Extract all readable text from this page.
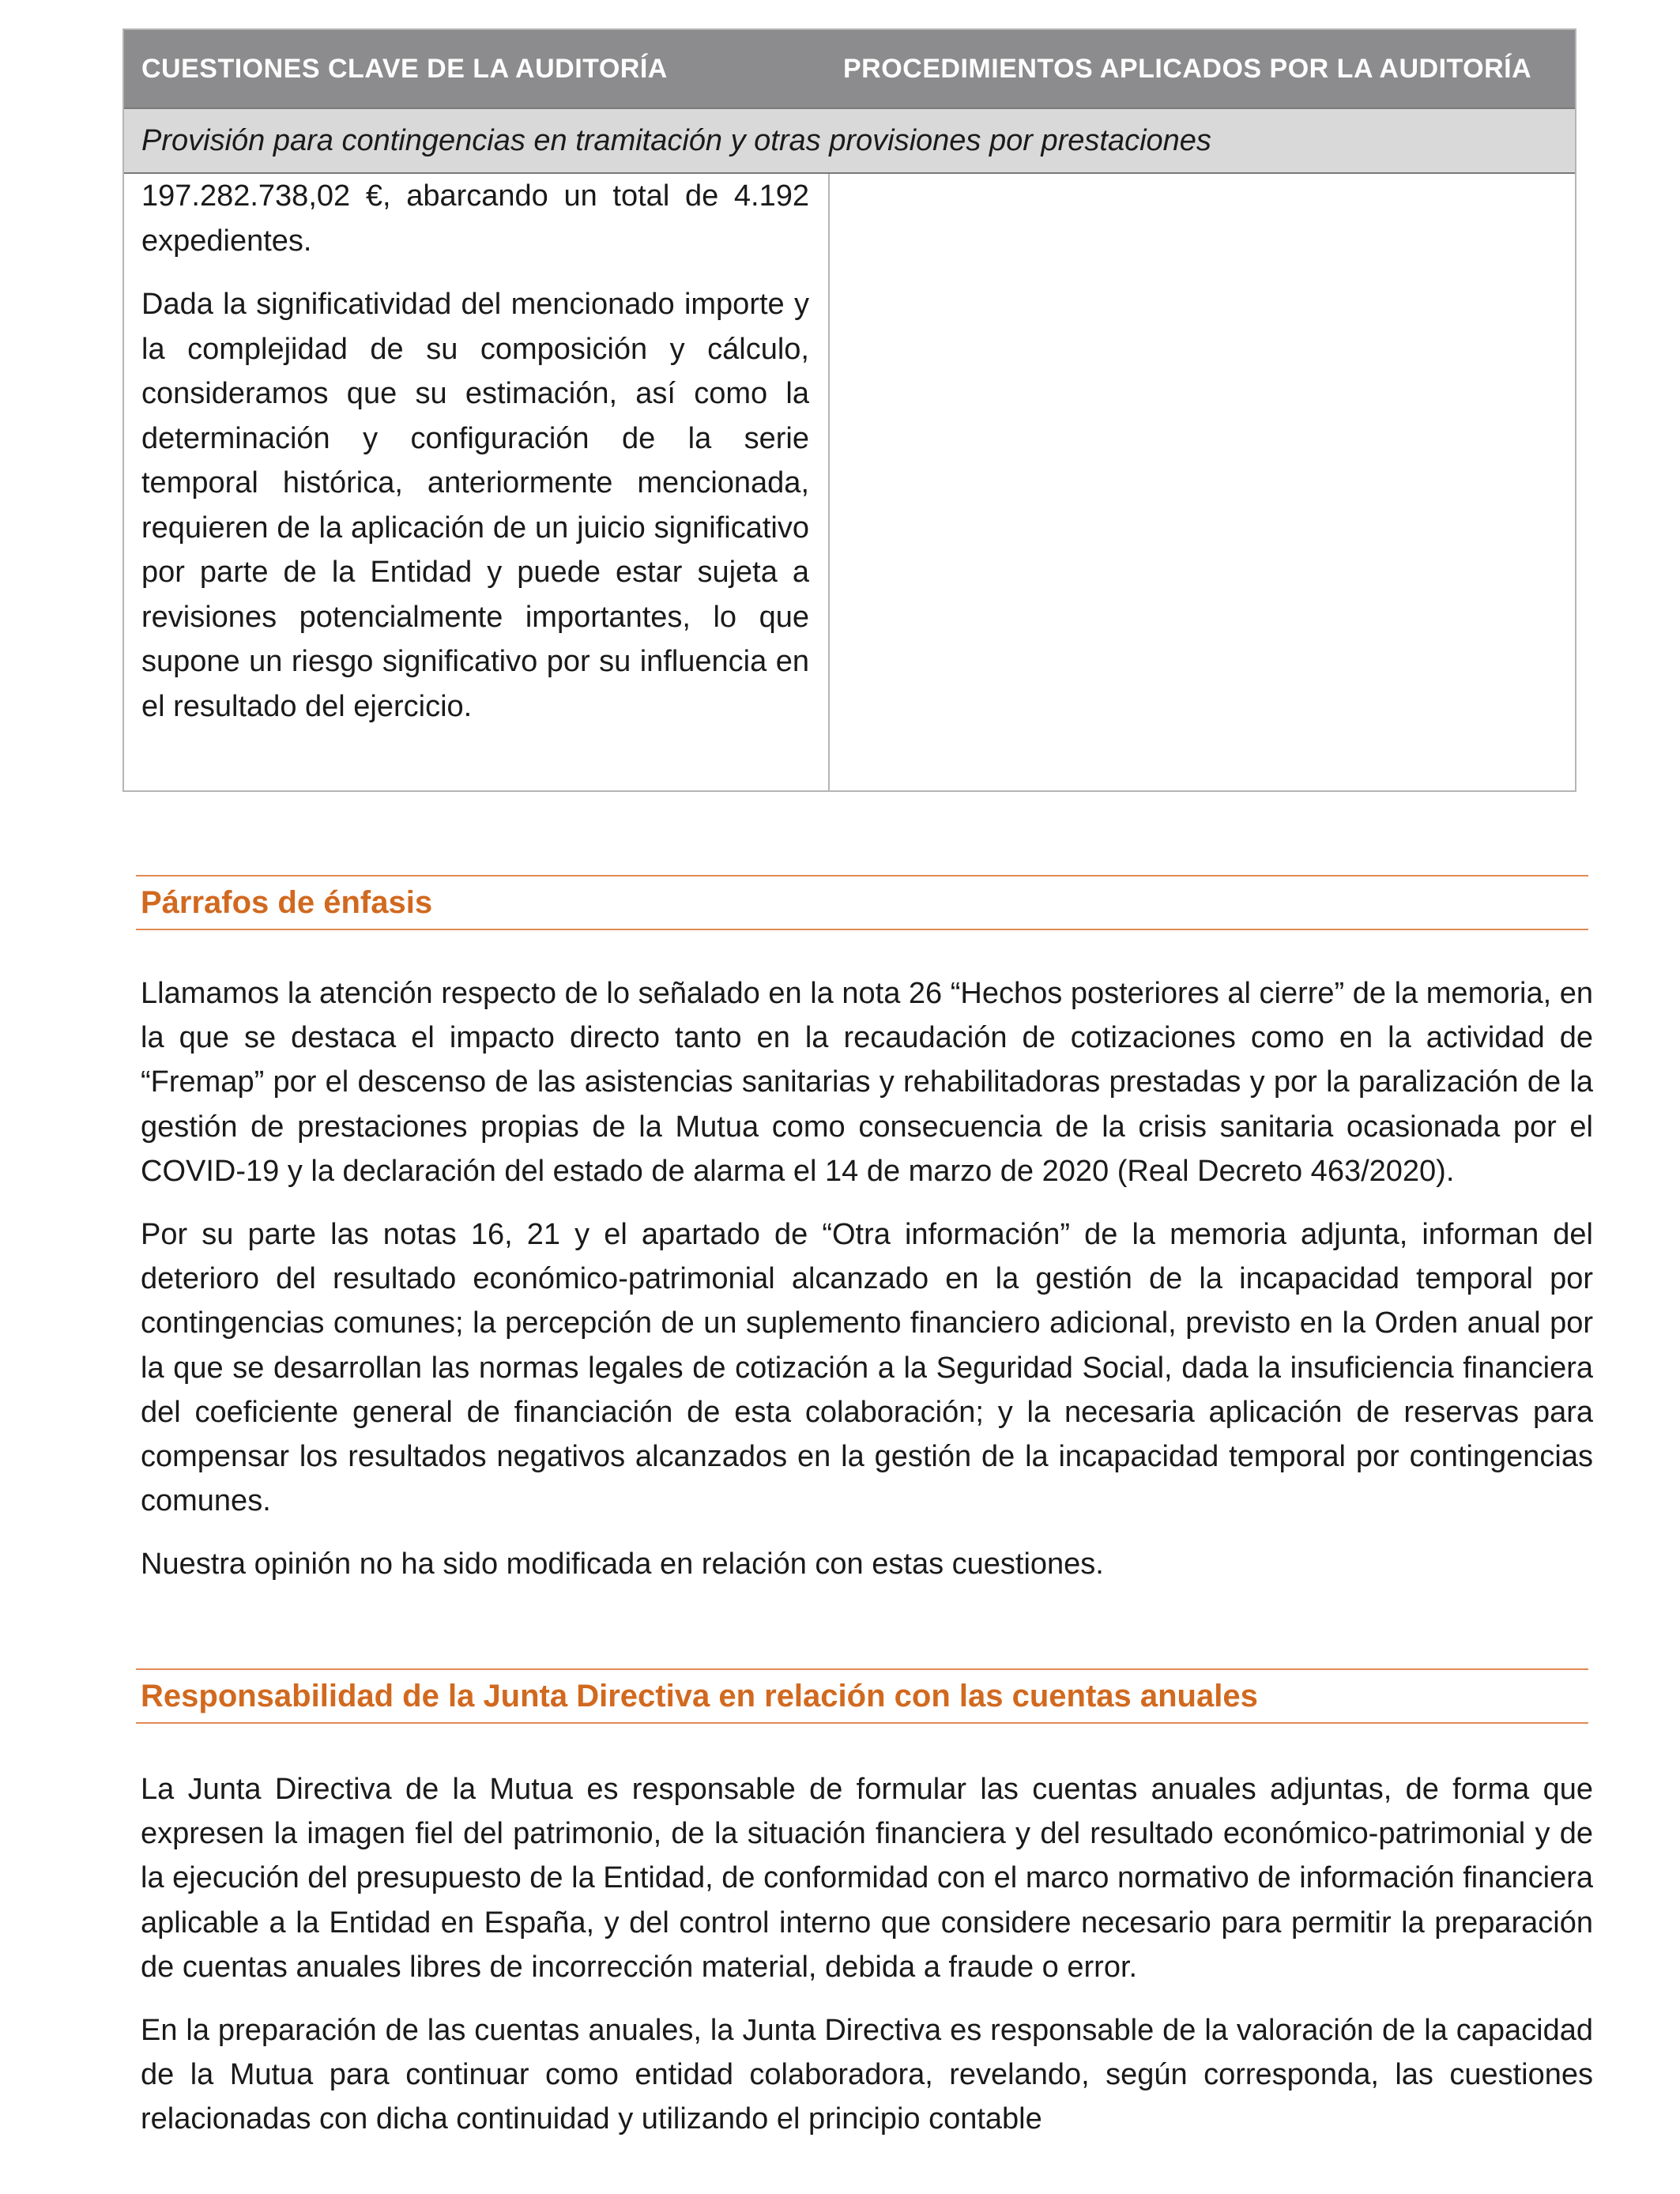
CUESTIONES CLAVE DE LA AUDITORÍA	PROCEDIMIENTOS APLICADOS POR LA AUDITORÍA
Provisión para contingencias en tramitación y otras provisiones por prestaciones

197.282.738,02 €, abarcando un total de 4.192 expedientes.

Dada la significatividad del mencionado importe y la complejidad de su composición y cálculo, consideramos que su estimación, así como la determinación y configuración de la serie temporal histórica, anteriormente mencionada, requieren de la aplicación de un juicio significativo por parte de la Entidad y puede estar sujeta a revisiones potencialmente importantes, lo que supone un riesgo significativo por su influencia en el resultado del ejercicio.

Párrafos de énfasis

Llamamos la atención respecto de lo señalado en la nota 26 “Hechos posteriores al cierre” de la memoria, en la que se destaca el impacto directo tanto en la recaudación de cotizaciones como en la actividad de “Fremap” por el descenso de las asistencias sanitarias y rehabilitadoras prestadas y por la paralización de la gestión de prestaciones propias de la Mutua como consecuencia de la crisis sanitaria ocasionada por el COVID-19 y la declaración del estado de alarma el 14 de marzo de 2020 (Real Decreto 463/2020).

Por su parte las notas 16, 21 y el apartado de “Otra información” de la memoria adjunta, informan del deterioro del resultado económico-patrimonial alcanzado en la gestión de la incapacidad temporal por contingencias comunes; la percepción de un suplemento financiero adicional, previsto en la Orden anual por la que se desarrollan las normas legales de cotización a la Seguridad Social, dada la insuficiencia financiera del coeficiente general de financiación de esta colaboración; y la necesaria aplicación de reservas para compensar los resultados negativos alcanzados en la gestión de la incapacidad temporal por contingencias comunes.

Nuestra opinión no ha sido modificada en relación con estas cuestiones.

Responsabilidad de la Junta Directiva en relación con las cuentas anuales

La Junta Directiva de la Mutua es responsable de formular las cuentas anuales adjuntas, de forma que expresen la imagen fiel del patrimonio, de la situación financiera y del resultado económico-patrimonial y de la ejecución del presupuesto de la Entidad, de conformidad con el marco normativo de información financiera aplicable a la Entidad en España, y del control interno que considere necesario para permitir la preparación de cuentas anuales libres de incorrección material, debida a fraude o error.

En la preparación de las cuentas anuales, la Junta Directiva es responsable de la valoración de la capacidad de la Mutua para continuar como entidad colaboradora, revelando, según corresponda, las cuestiones relacionadas con dicha continuidad y utilizando el principio contable
